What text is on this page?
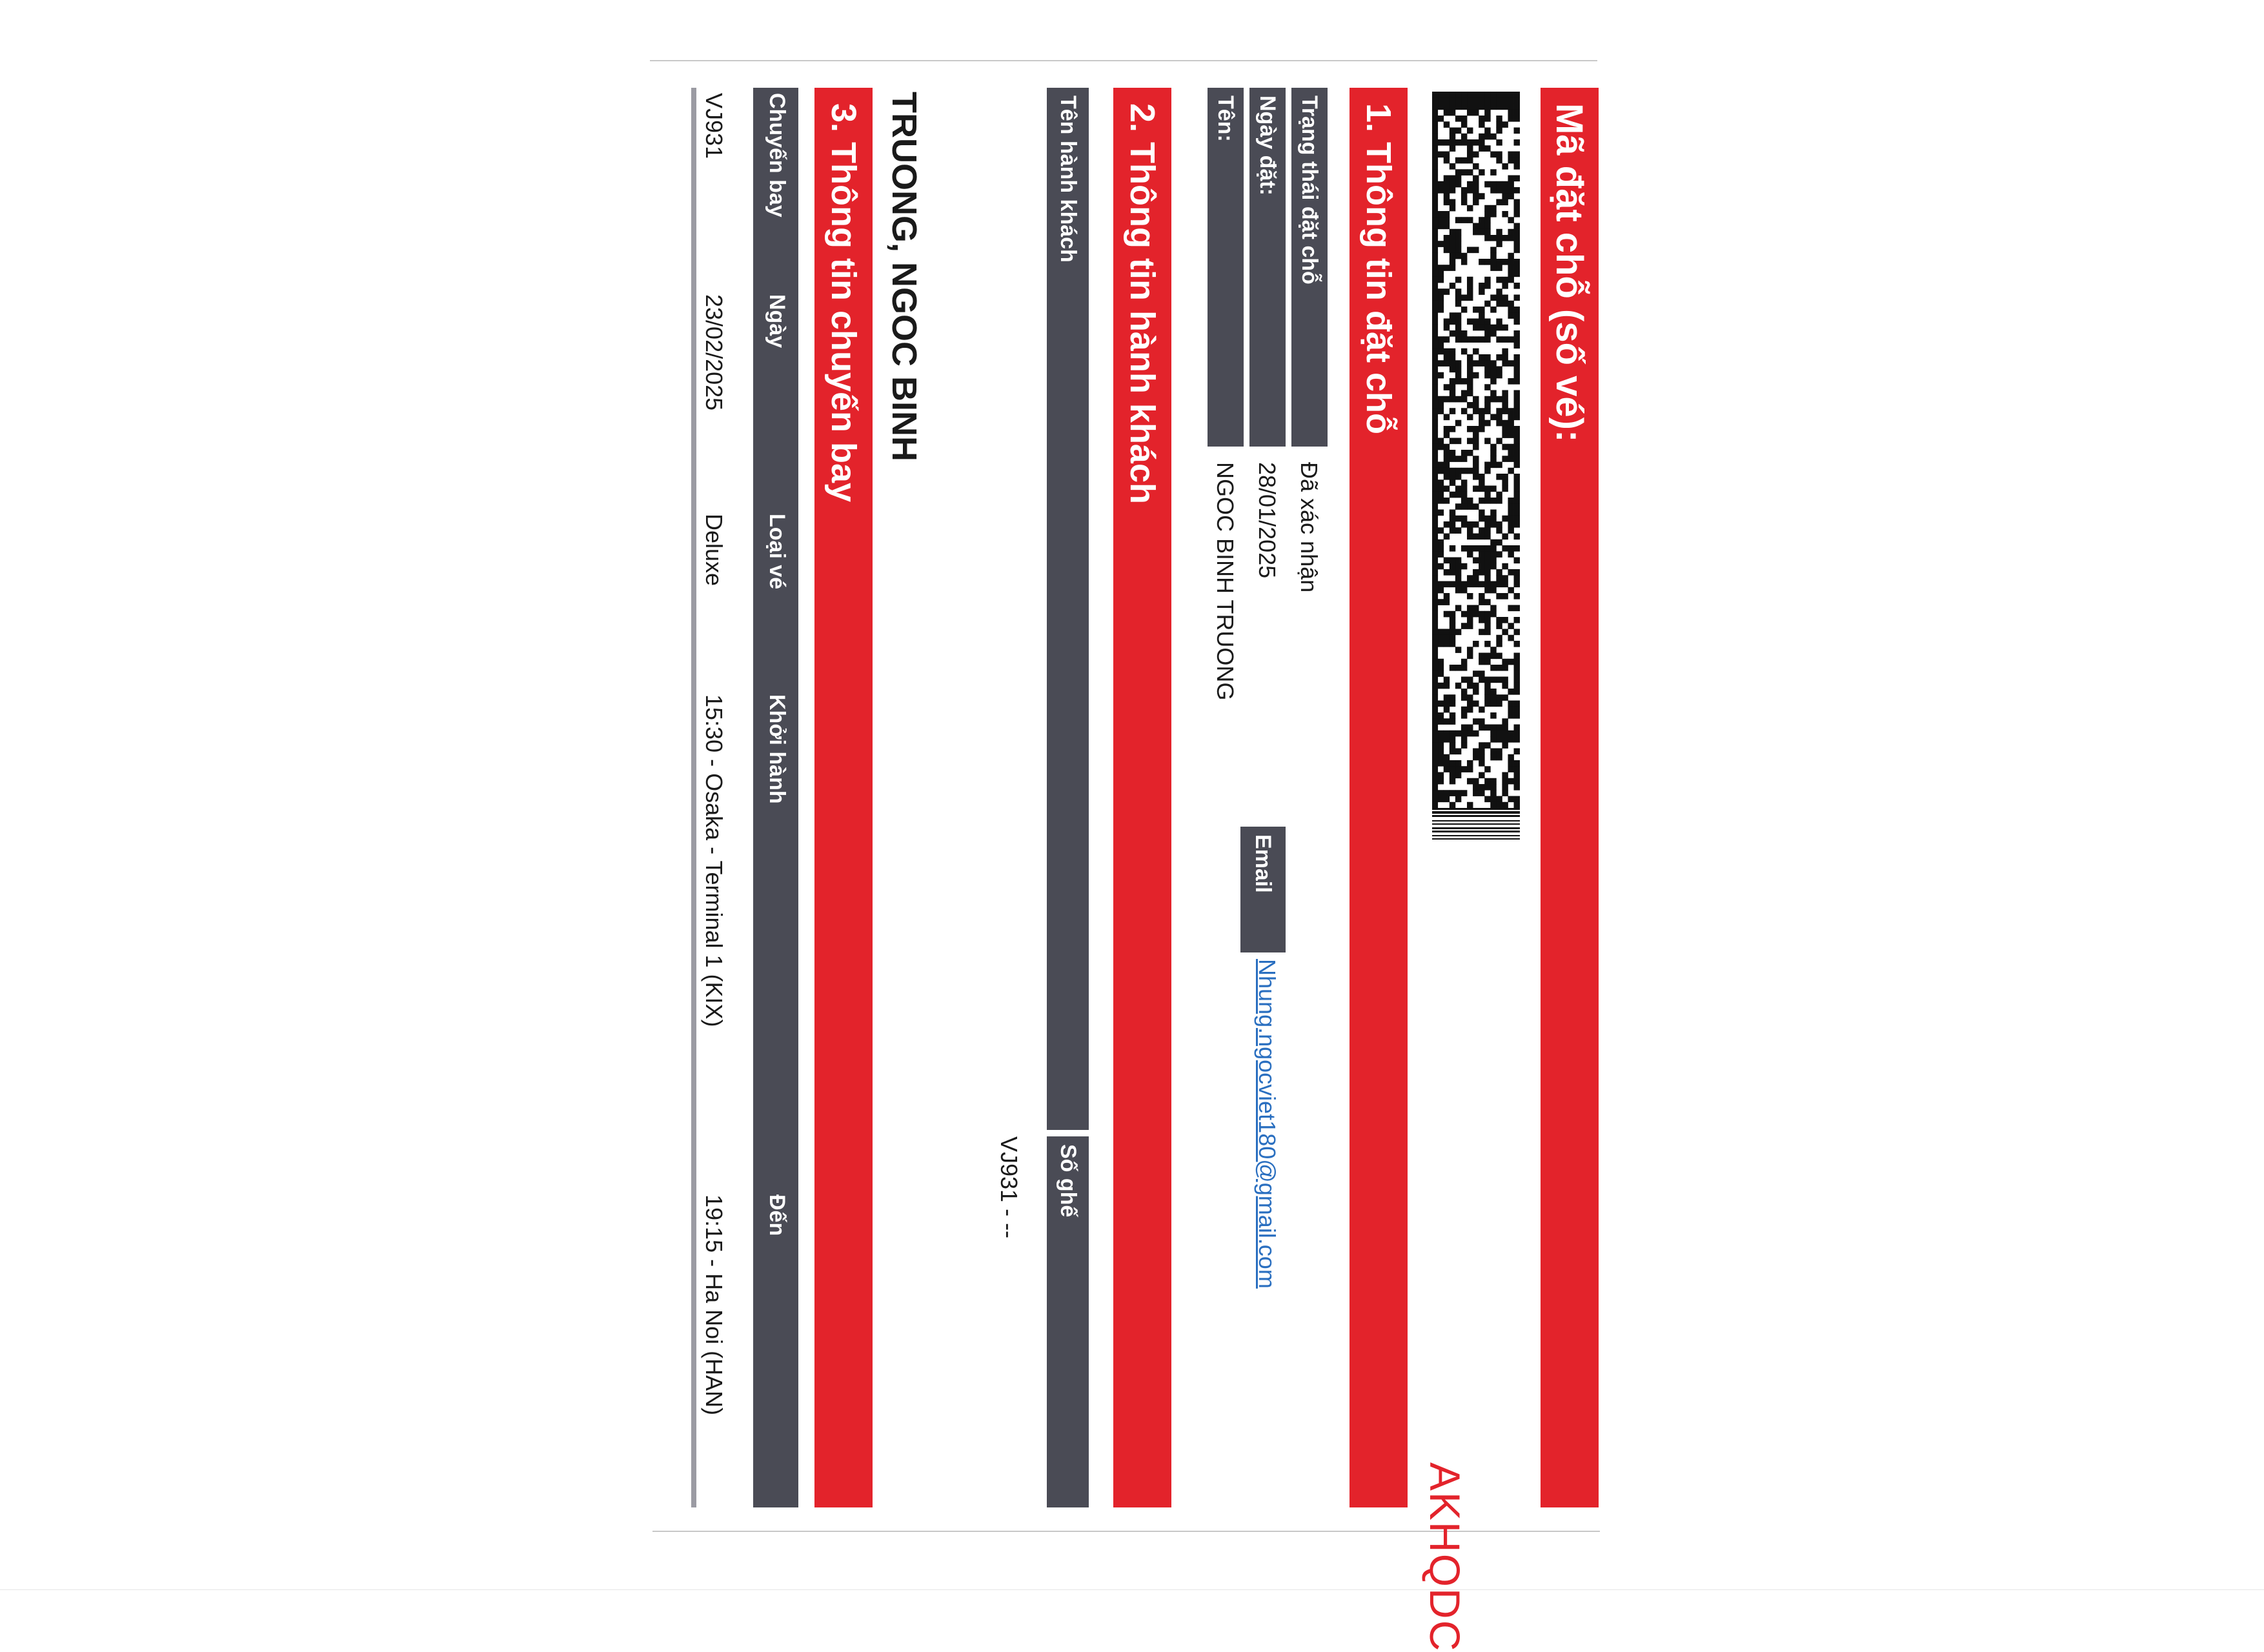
Mã đặt chỗ (số vé):
AKHQDC
1. Thông tin đặt chỗ
Trạng thái đặt chỗ
Đã xác nhận
Ngày đặt:
28/01/2025
Tên:
NGOC BINH TRUONG
Email
Nhung.ngocviet180@gmail.com
2. Thông tin hành khách
Tên hành khách
Số ghế
VJ931 - --
TRUONG, NGOC BINH
3. Thông tin chuyến bay
Chuyến bay
Ngày
Loại vé
Khởi hành
Đến
VJ931
23/02/2025
Deluxe
15:30 - Osaka - Terminal 1 (KIX)
19:15 - Ha Noi (HAN)
